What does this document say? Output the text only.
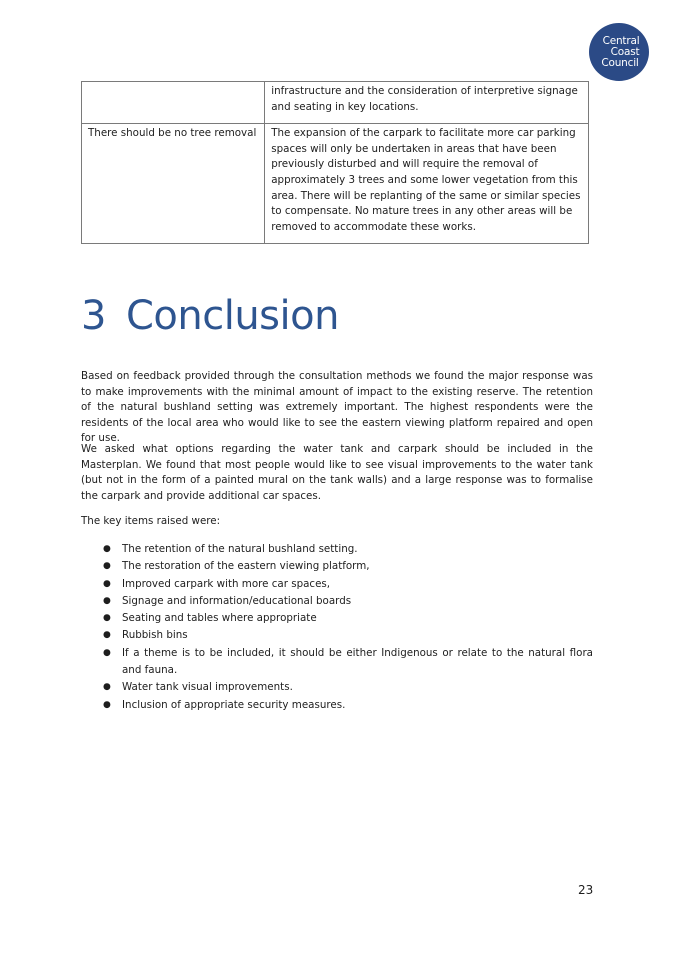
Central
Coast
Council
	infrastructure and the consideration of interpretive signage and seating in key locations.
There should be no tree removal	The expansion of the carpark to facilitate more car parking spaces will only be undertaken in areas that have been previously disturbed and will require the removal of approximately 3 trees and some lower vegetation from this area. There will be replanting of the same or similar species to compensate. No mature trees in any other areas will be removed to accommodate these works.
3 Conclusion

Based on feedback provided through the consultation methods we found the major response was to make improvements with the minimal amount of impact to the existing reserve. The retention of the natural bushland setting was extremely important. The highest respondents were the residents of the local area who would like to see the eastern viewing platform repaired and open for use.

We asked what options regarding the water tank and carpark should be included in the Masterplan. We found that most people would like to see visual improvements to the water tank (but not in the form of a painted mural on the tank walls) and a large response was to formalise the carpark and provide additional car spaces.

The key items raised were:

● The retention of the natural bushland setting.
● The restoration of the eastern viewing platform,
● Improved carpark with more car spaces,
● Signage and information/educational boards
● Seating and tables where appropriate
● Rubbish bins
● If a theme is to be included, it should be either Indigenous or relate to the natural flora and fauna.
● Water tank visual improvements.
● Inclusion of appropriate security measures.
23
